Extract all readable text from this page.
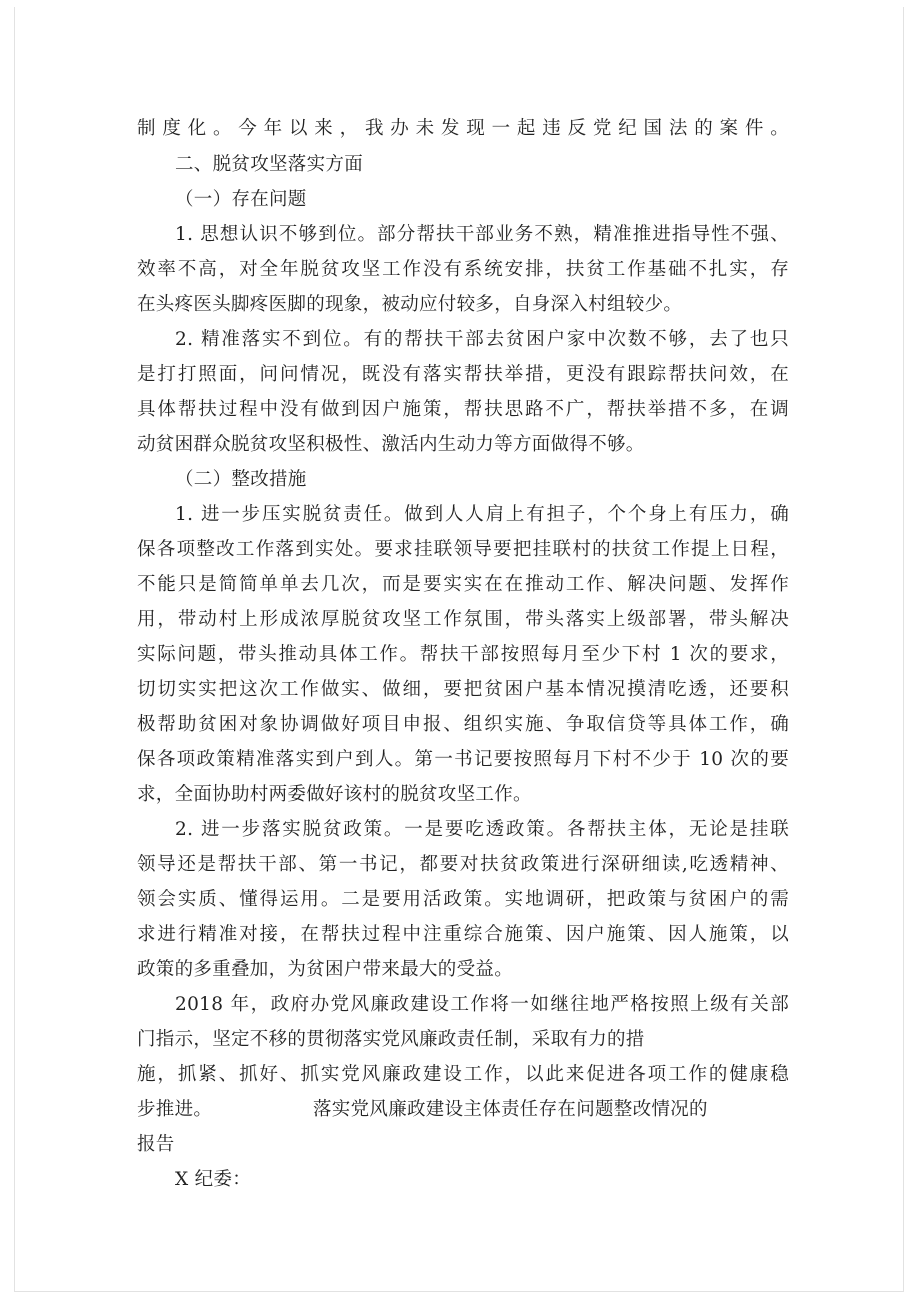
制度化。今年以来，我办未发现一起违反党纪国法的案件。
二、脱贫攻坚落实方面
（一）存在问题
1. 思想认识不够到位。部分帮扶干部业务不熟，精准推进指导性不强、
效率不高，对全年脱贫攻坚工作没有系统安排，扶贫工作基础不扎实，存
在头疼医头脚疼医脚的现象，被动应付较多，自身深入村组较少。
2. 精准落实不到位。有的帮扶干部去贫困户家中次数不够，去了也只
是打打照面，问问情况，既没有落实帮扶举措，更没有跟踪帮扶问效，在
具体帮扶过程中没有做到因户施策，帮扶思路不广，帮扶举措不多，在调
动贫困群众脱贫攻坚积极性、激活内生动力等方面做得不够。
（二）整改措施
1. 进一步压实脱贫责任。做到人人肩上有担子，个个身上有压力，确
保各项整改工作落到实处。要求挂联领导要把挂联村的扶贫工作提上日程，
不能只是简简单单去几次，而是要实实在在推动工作、解决问题、发挥作
用，带动村上形成浓厚脱贫攻坚工作氛围，带头落实上级部署，带头解决
实际问题，带头推动具体工作。帮扶干部按照每月至少下村 1 次的要求，
切切实实把这次工作做实、做细，要把贫困户基本情况摸清吃透，还要积
极帮助贫困对象协调做好项目申报、组织实施、争取信贷等具体工作，确
保各项政策精准落实到户到人。第一书记要按照每月下村不少于 10 次的要
求，全面协助村两委做好该村的脱贫攻坚工作。
2. 进一步落实脱贫政策。一是要吃透政策。各帮扶主体，无论是挂联
领导还是帮扶干部、第一书记，都要对扶贫政策进行深研细读,吃透精神、
领会实质、懂得运用。二是要用活政策。实地调研，把政策与贫困户的需
求进行精准对接，在帮扶过程中注重综合施策、因户施策、因人施策，以
政策的多重叠加，为贫困户带来最大的受益。
2018 年，政府办党风廉政建设工作将一如继往地严格按照上级有关部
门指示，坚定不移的贯彻落实党风廉政责任制，采取有力的措
施，抓紧、抓好、抓实党风廉政建设工作，以此来促进各项工作的健康稳
步推进。	落实党风廉政建设主体责任存在问题整改情况的
报告
X 纪委：
